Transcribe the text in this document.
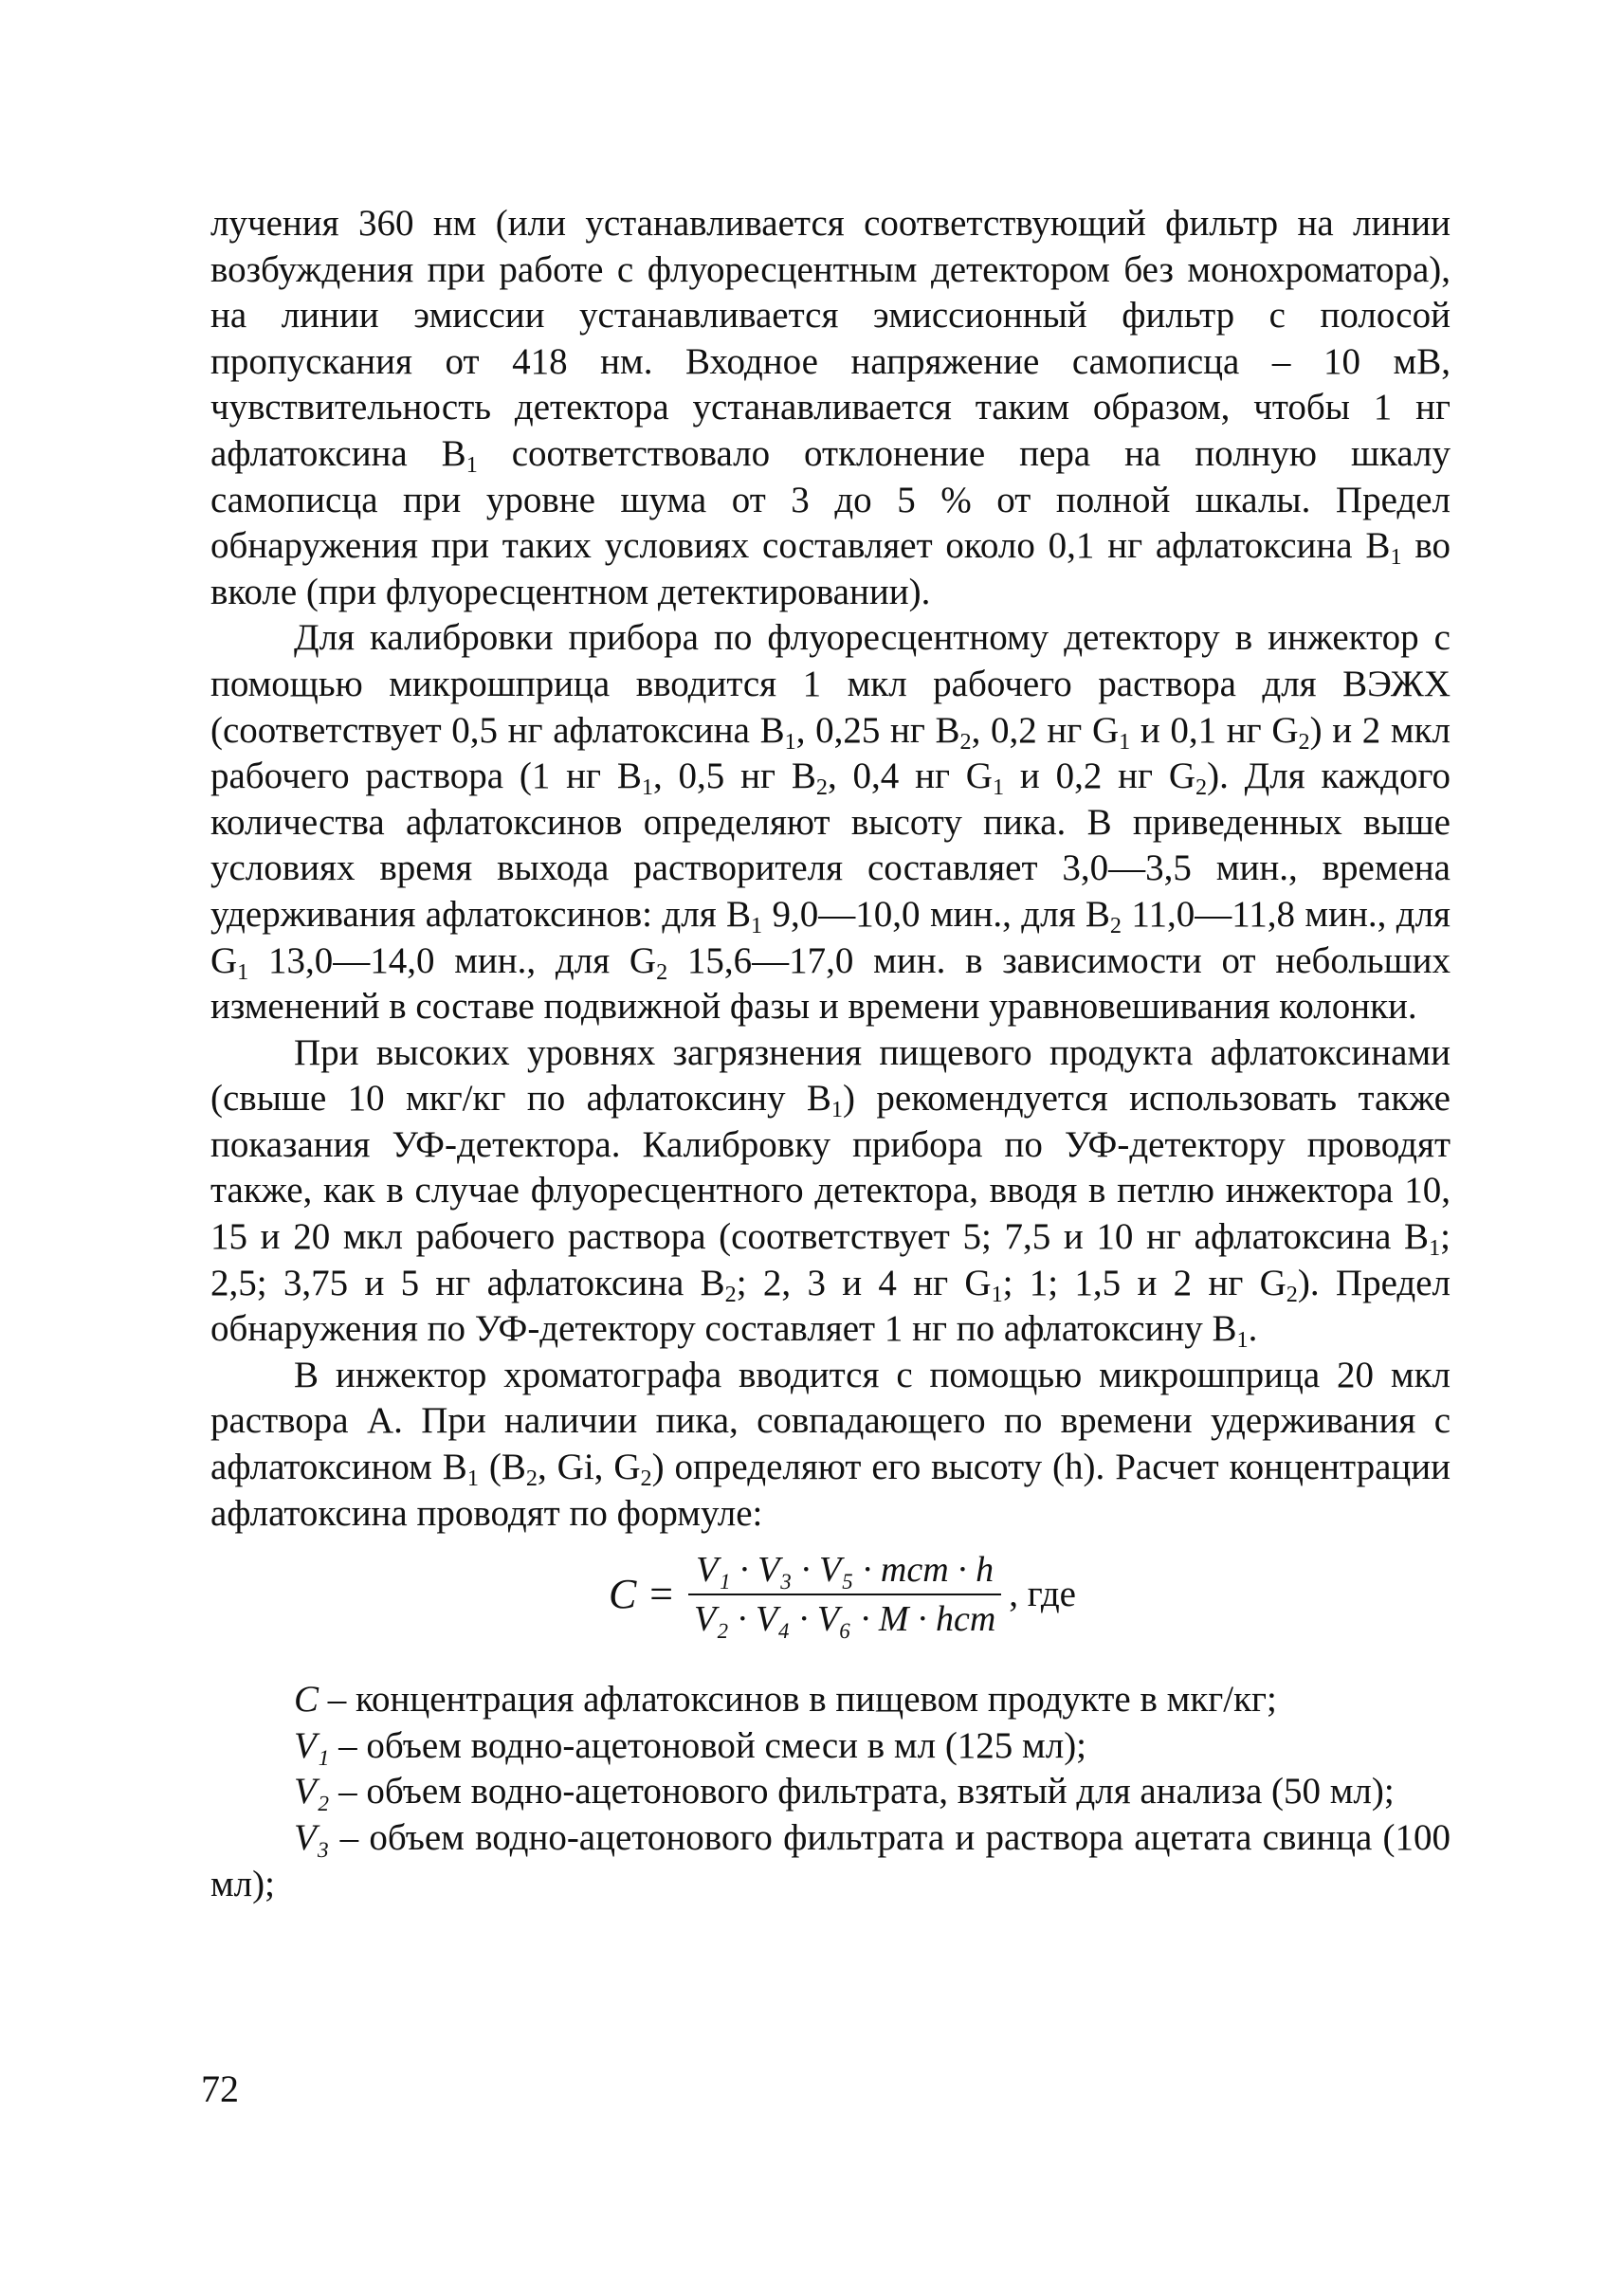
лучения 360 нм (или устанавливается соответствующий фильтр на линии возбуждения при работе с флуоресцентным детектором без монохроматора), на линии эмиссии устанавливается эмиссионный фильтр с полосой пропускания от 418 нм. Входное напряжение самописца – 10 мВ, чувствительность детектора устанавливается таким образом, чтобы 1 нг афлатоксина $B_1$ соответствовало отклонение пера на полную шкалу самописца при уровне шума от 3 до 5 % от полной шкалы. Предел обнаружения при таких условиях составляет около 0,1 нг афлатоксина $B_1$ во вколе (при флуоресцентном детектировании).

Для калибровки прибора по флуоресцентному детектору в инжектор с помощью микрошприца вводится 1 мкл рабочего раствора для ВЭЖХ (соответствует 0,5 нг афлатоксина $B_1$, 0,25 нг $B_2$, 0,2 нг $G_1$ и 0,1 нг $G_2$) и 2 мкл рабочего раствора (1 нг $B_1$, 0,5 нг $B_2$, 0,4 нг $G_1$ и 0,2 нг $G_2$). Для каждого количества афлатоксинов определяют высоту пика. В приведенных выше условиях время выхода растворителя составляет 3,0—3,5 мин., времена удерживания афлатоксинов: для $B_1$ 9,0—10,0 мин., для $B_2$ 11,0—11,8 мин., для $G_1$ 13,0—14,0 мин., для $G_2$ 15,6—17,0 мин. в зависимости от небольших изменений в составе подвижной фазы и времени уравновешивания колонки.

При высоких уровнях загрязнения пищевого продукта афлатоксинами (свыше 10 мкг/кг по афлатоксину $B_1$) рекомендуется использовать также показания УФ-детектора. Калибровку прибора по УФ-детектору проводят также, как в случае флуоресцентного детектора, вводя в петлю инжектора 10, 15 и 20 мкл рабочего раствора (соответствует 5; 7,5 и 10 нг афлатоксина $B_1$; 2,5; 3,75 и 5 нг афлатоксина $B_2$; 2, 3 и 4 нг $G_1$; 1; 1,5 и 2 нг $G_2$). Предел обнаружения по УФ-детектору составляет 1 нг по афлатоксину $B_1$.

В инжектор хроматографа вводится с помощью микрошприца 20 мкл раствора А. При наличии пика, совпадающего по времени удерживания с афлатоксином $B_1$ ($B_2$, Gi, $G_2$) определяют его высоту (h). Расчет концентрации афлатоксина проводят по формуле:

$C = \frac{\text{V₁ · V₃ · V₅ · mст · h}}{\text{V₂ · V₄ · V₆ · M · hст}}$ , где

C – концентрация афлатоксинов в пищевом продукте в мкг/кг;

V₁ – объем водно-ацетоновой смеси в мл (125 мл);

V₂ – объем водно-ацетонового фильтрата, взятый для анализа (50 мл);

V₃ – объем водно-ацетонового фильтрата и раствора ацетата свинца (100 мл);

72
